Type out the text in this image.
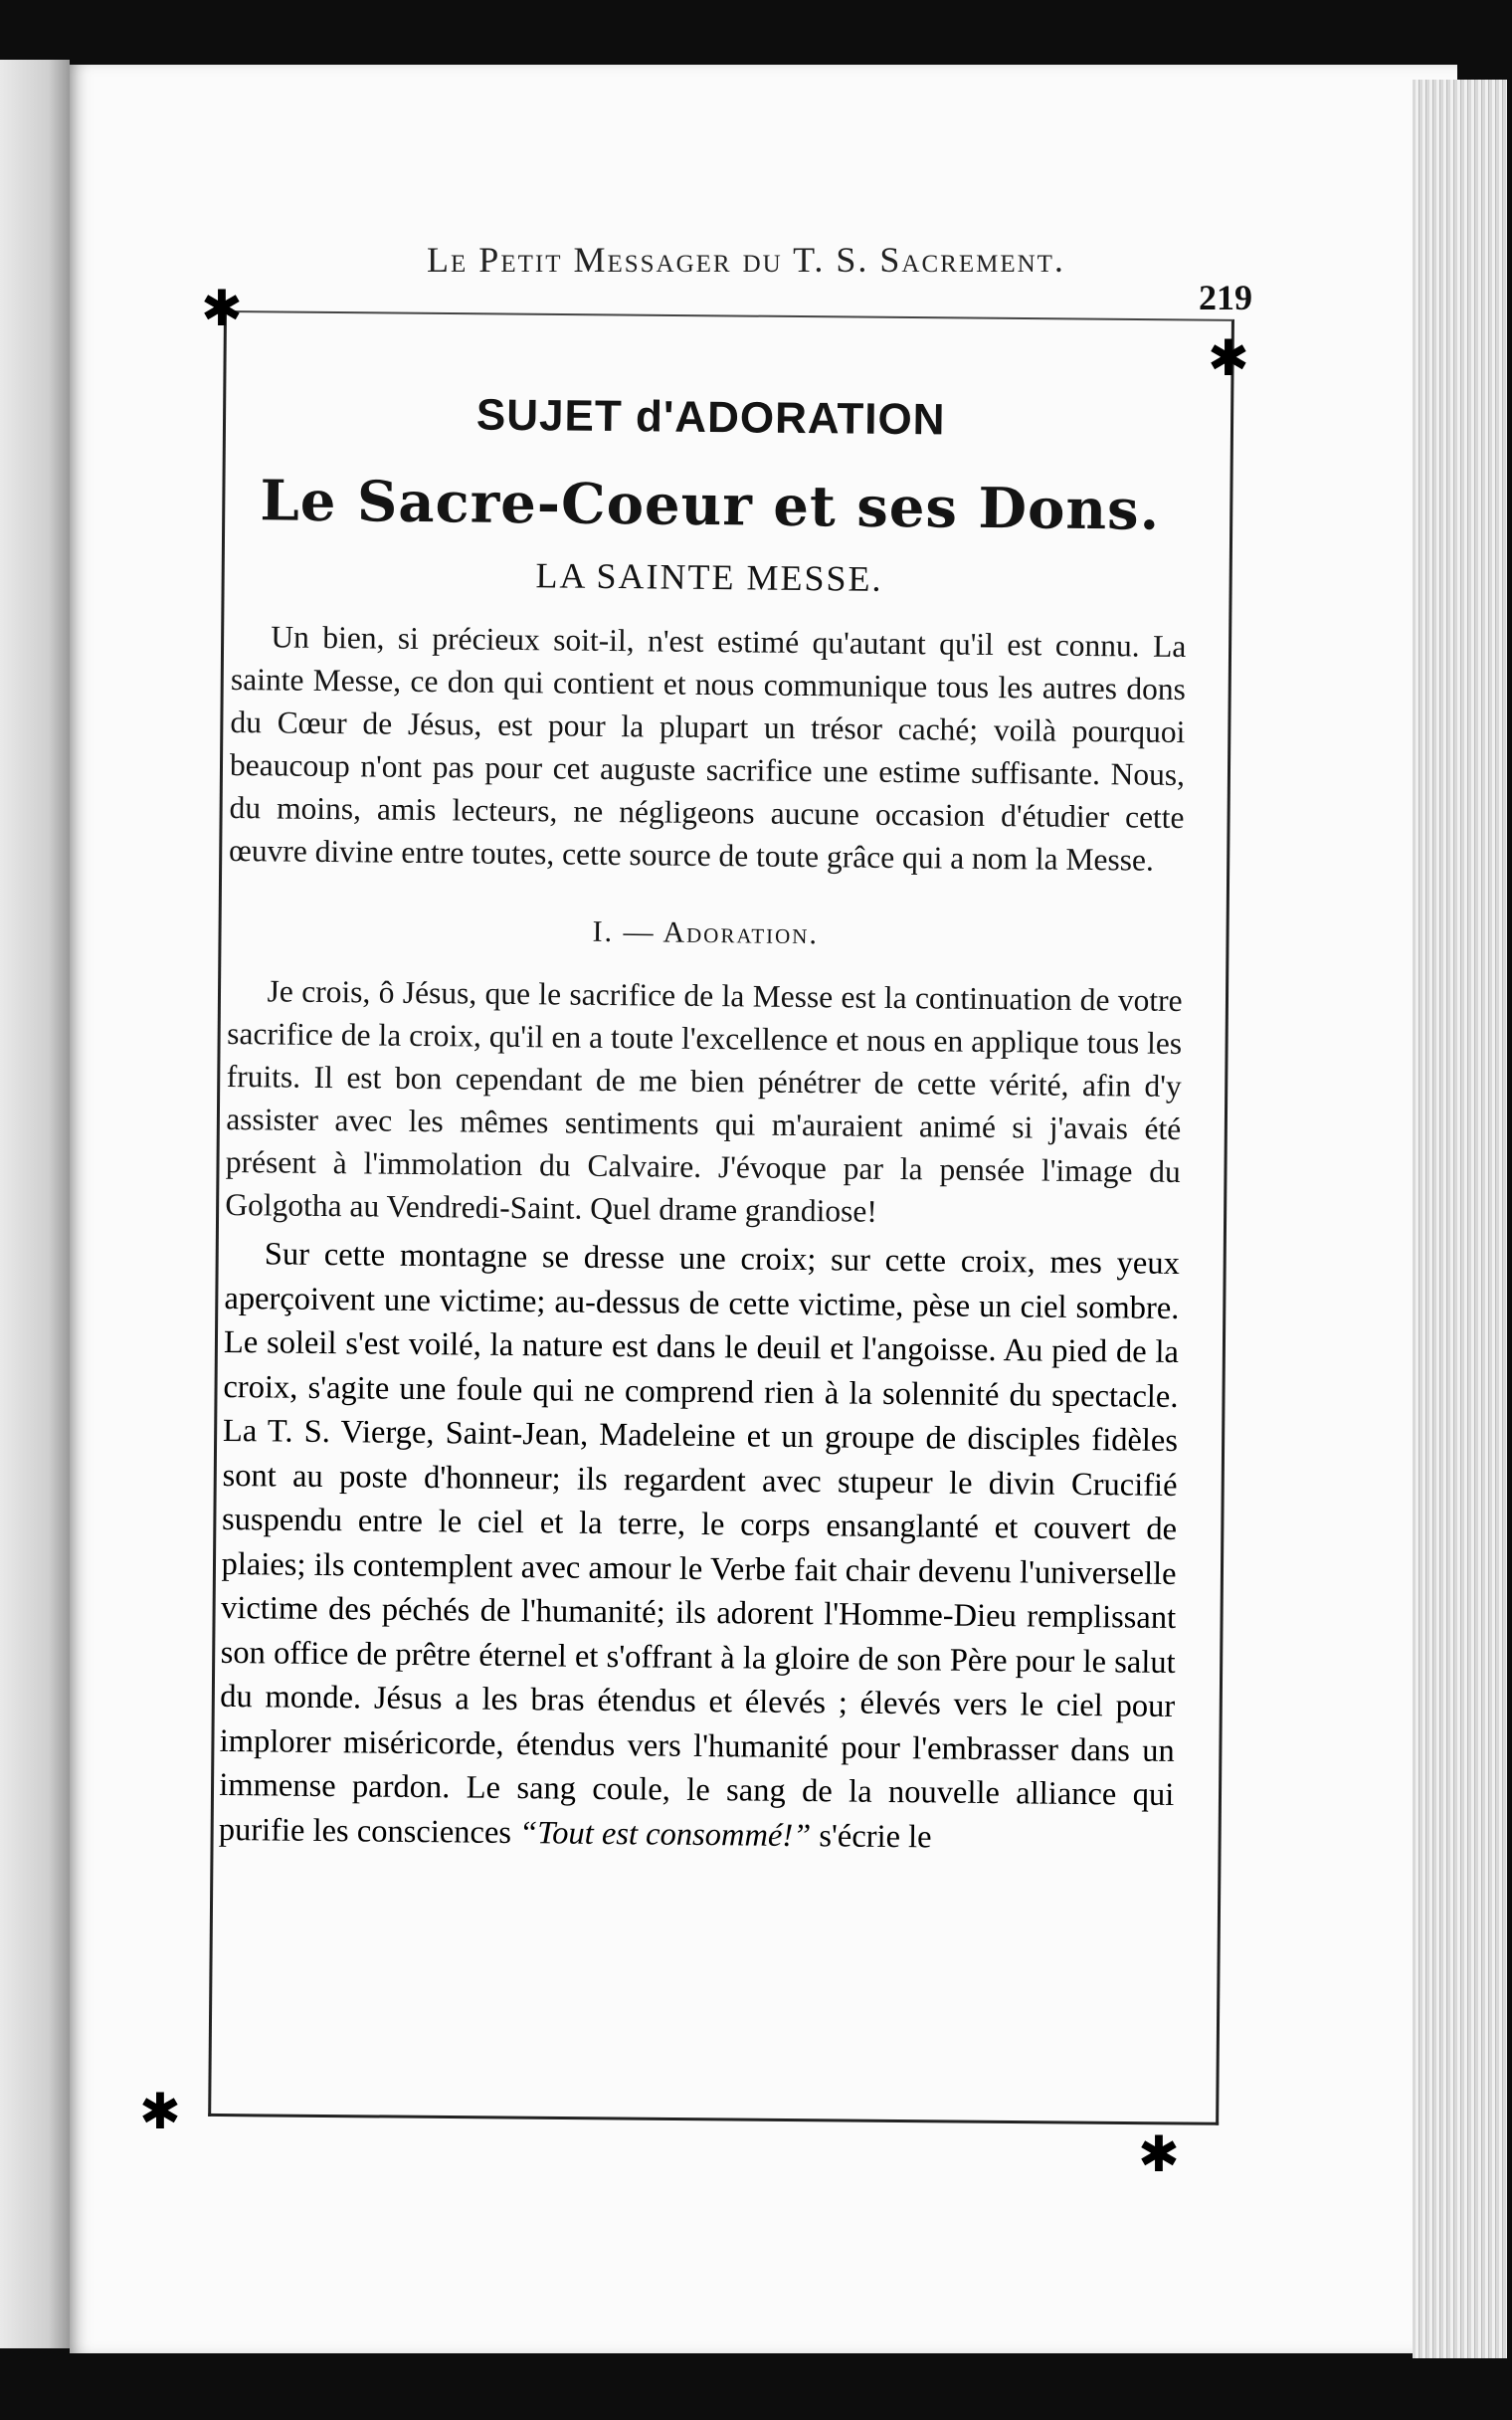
Le Petit Messager du T. S. Sacrement.
219
✱
✱
✱
✱
SUJET d'ADORATION
Le Sacre-Coeur et ses Dons.
LA SAINTE MESSE.

Un bien, si précieux soit-il, n'est estimé qu'autant qu'il est connu. La sainte Messe, ce don qui contient et nous communique tous les autres dons du Cœur de Jésus, est pour la plupart un trésor caché; voilà pourquoi beaucoup n'ont pas pour cet auguste sacrifice une estime suffisante. Nous, du moins, amis lecteurs, ne négligeons aucune occasion d'étudier cette œuvre divine entre toutes, cette source de toute grâce qui a nom la Messe.

I. — Adoration.

Je crois, ô Jésus, que le sacrifice de la Messe est la continuation de votre sacrifice de la croix, qu'il en a toute l'excellence et nous en applique tous les fruits. Il est bon cependant de me bien pénétrer de cette vérité, afin d'y assister avec les mêmes sentiments qui m'auraient animé si j'avais été présent à l'immolation du Calvaire. J'évoque par la pensée l'image du Golgotha au Vendredi-Saint. Quel drame grandiose!

Sur cette montagne se dresse une croix; sur cette croix, mes yeux aperçoivent une victime; au-dessus de cette victime, pèse un ciel sombre. Le soleil s'est voilé, la nature est dans le deuil et l'angoisse. Au pied de la croix, s'agite une foule qui ne comprend rien à la solennité du spectacle. La T. S. Vierge, Saint-Jean, Madeleine et un groupe de disciples fidèles sont au poste d'honneur; ils regardent avec stupeur le divin Crucifié suspendu entre le ciel et la terre, le corps ensanglanté et couvert de plaies; ils contemplent avec amour le Verbe fait chair devenu l'universelle victime des péchés de l'humanité; ils adorent l'Homme-Dieu remplissant son office de prêtre éternel et s'offrant à la gloire de son Père pour le salut du monde. Jésus a les bras étendus et élevés ; élevés vers le ciel pour implorer miséricorde, étendus vers l'humanité pour l'embrasser dans un immense pardon. Le sang coule, le sang de la nouvelle alliance qui purifie les consciences “Tout est consommé!” s'écrie le
